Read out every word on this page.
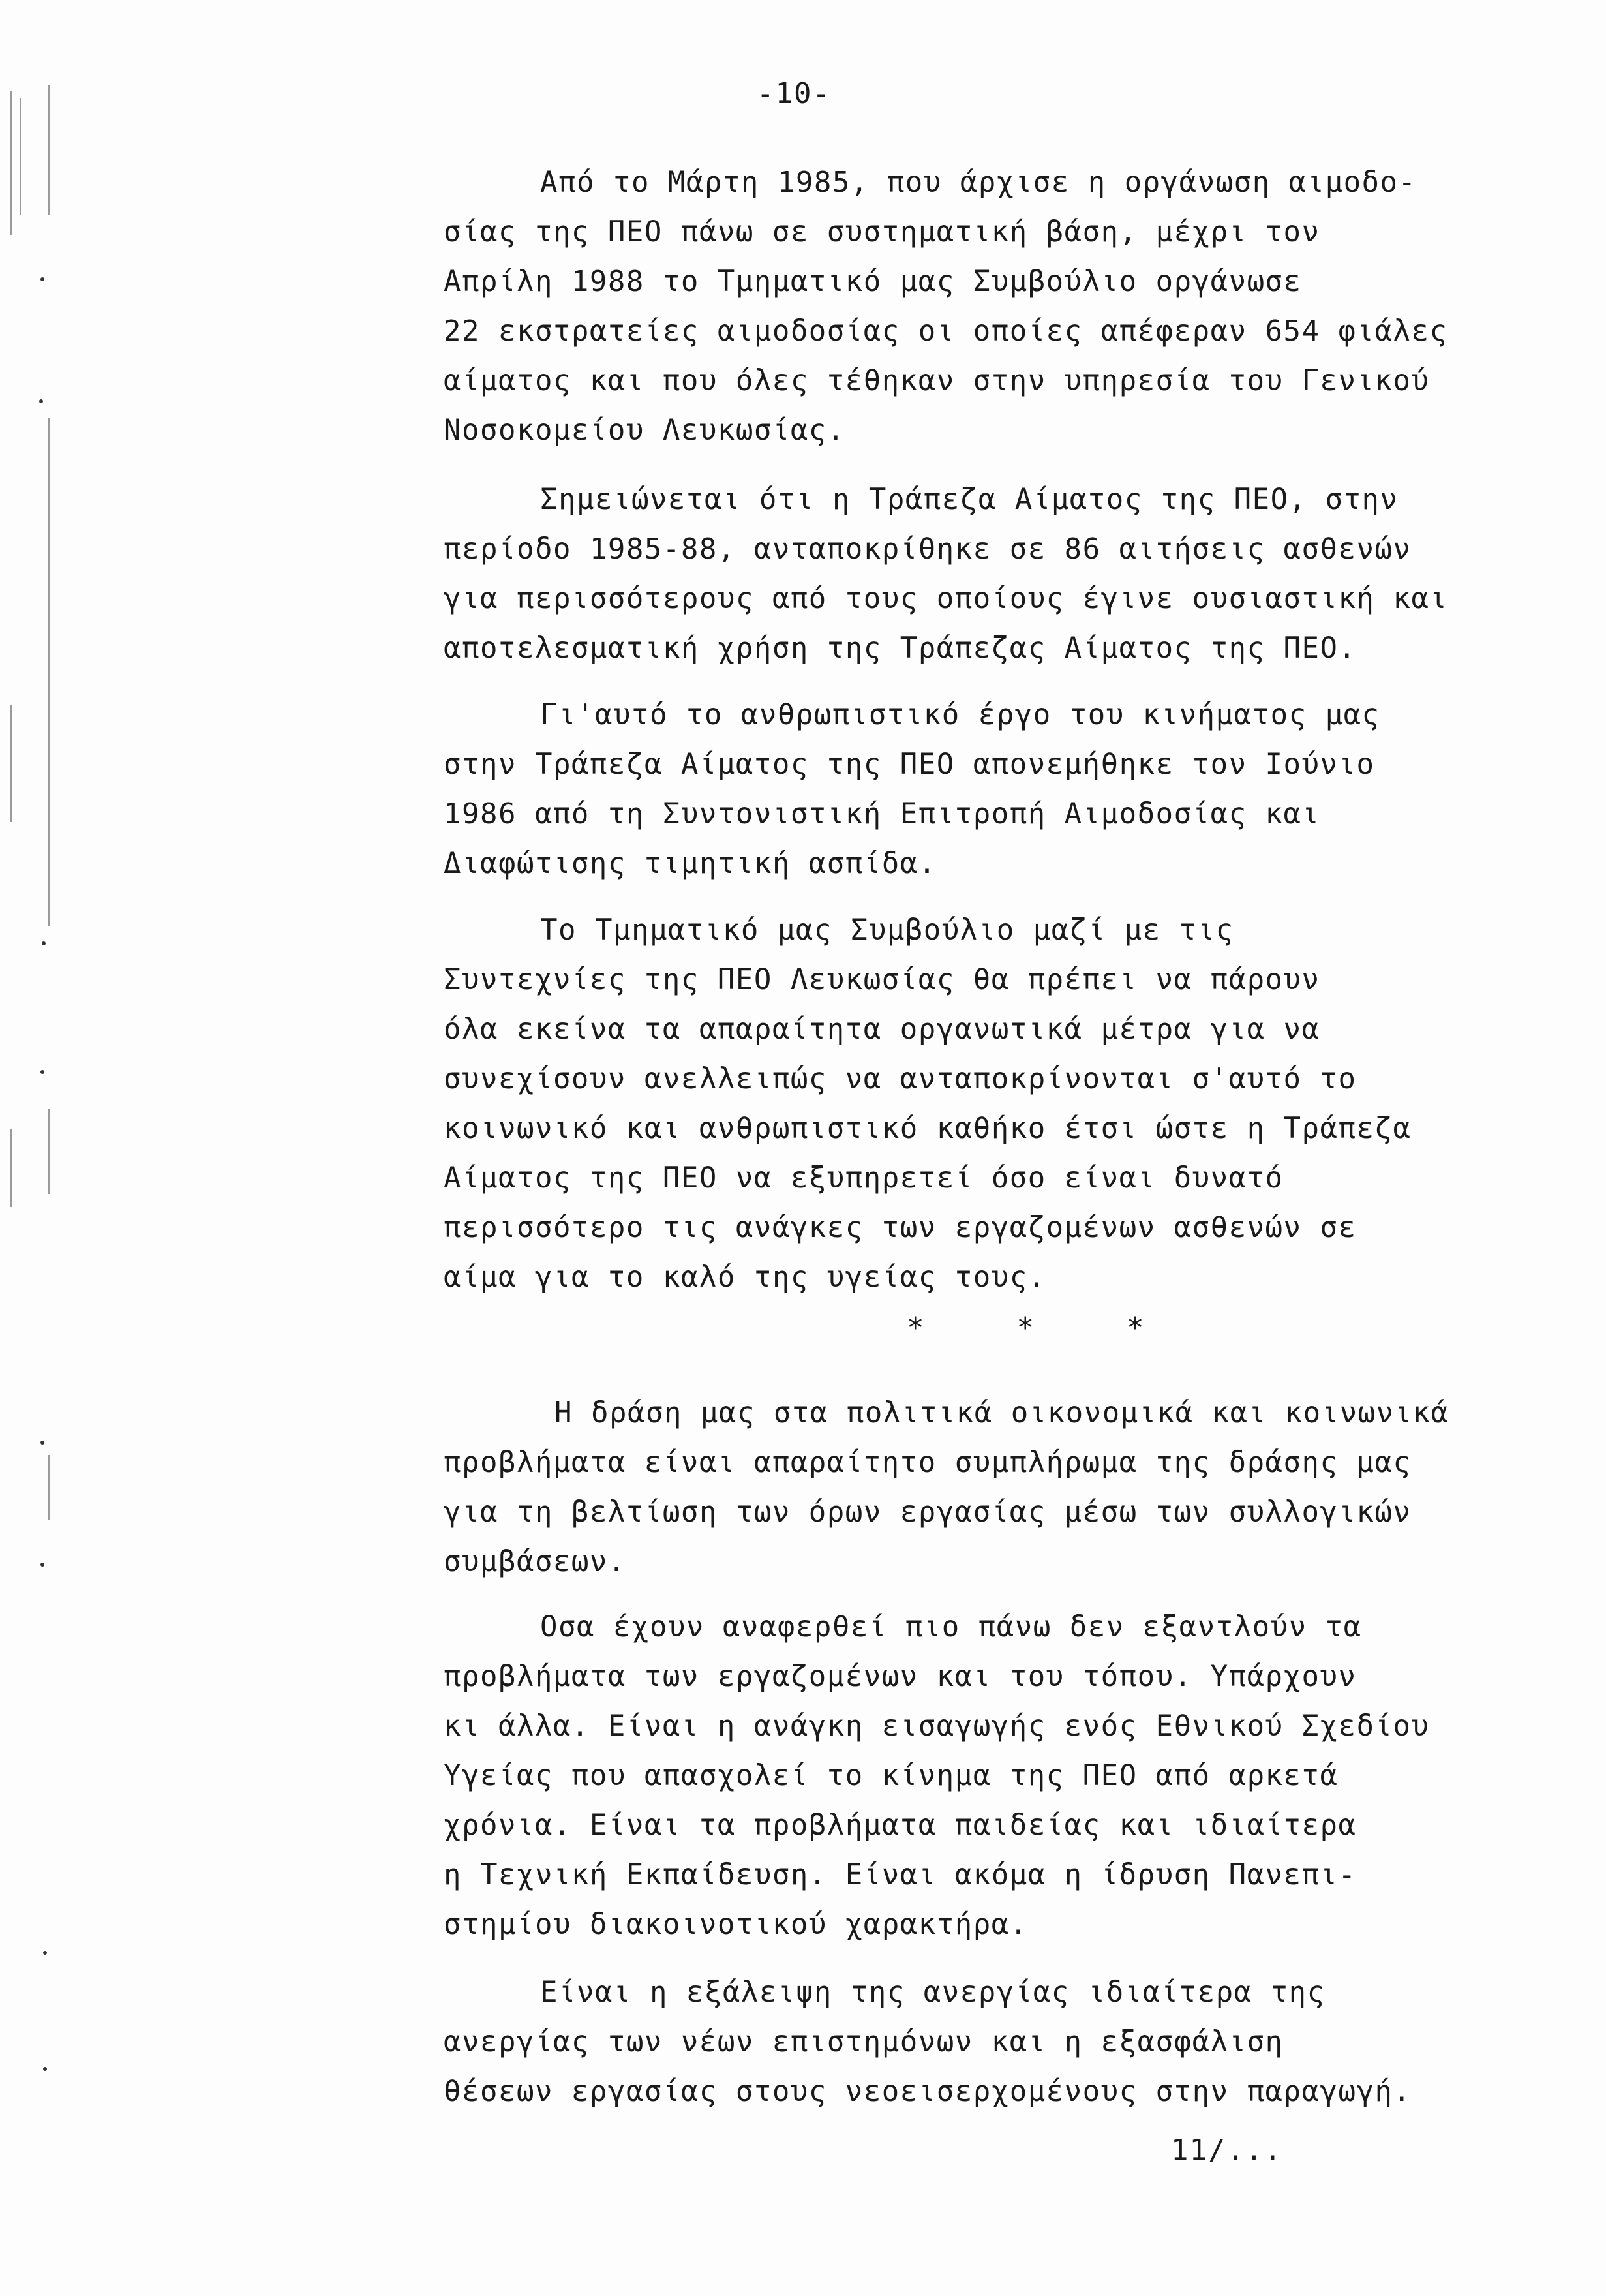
-10-
Από το Μάρτη 1985, που άρχισε η οργάνωση αιμοδο-
σίας της ΠΕΟ πάνω σε συστηματική βάση, μέχρι τον
Απρίλη 1988 το Τμηματικό μας Συμβούλιο οργάνωσε
22 εκστρατείες αιμοδοσίας οι οποίες απέφεραν 654 φιάλες
αίματος και που όλες τέθηκαν στην υπηρεσία του Γενικού
Νοσοκομείου Λευκωσίας.
Σημειώνεται ότι η Τράπεζα Αίματος της ΠΕΟ, στην
περίοδο 1985-88, ανταποκρίθηκε σε 86 αιτήσεις ασθενών
για περισσότερους από τους οποίους έγινε ουσιαστική και
αποτελεσματική χρήση της Τράπεζας Αίματος της ΠΕΟ.
Γι'αυτό το ανθρωπιστικό έργο του κινήματος μας
στην Τράπεζα Αίματος της ΠΕΟ απονεμήθηκε τον Ιούνιο
1986 από τη Συντονιστική Επιτροπή Αιμοδοσίας και
Διαφώτισης τιμητική ασπίδα.
Το Τμηματικό μας Συμβούλιο μαζί με τις
Συντεχνίες της ΠΕΟ Λευκωσίας θα πρέπει να πάρουν
όλα εκείνα τα απαραίτητα οργανωτικά μέτρα για να
συνεχίσουν ανελλειπώς να ανταποκρίνονται σ'αυτό το
κοινωνικό και ανθρωπιστικό καθήκο έτσι ώστε η Τράπεζα
Αίματος της ΠΕΟ να εξυπηρετεί όσο είναι δυνατό
περισσότερο τις ανάγκες των εργαζομένων ασθενών σε
αίμα για το καλό της υγείας τους.
*	*	*
Η δράση μας στα πολιτικά οικονομικά και κοινωνικά
προβλήματα είναι απαραίτητο συμπλήρωμα της δράσης μας
για τη βελτίωση των όρων εργασίας μέσω των συλλογικών
συμβάσεων.
Οσα έχουν αναφερθεί πιο πάνω δεν εξαντλούν τα
προβλήματα των εργαζομένων και του τόπου. Υπάρχουν
κι άλλα. Είναι η ανάγκη εισαγωγής ενός Εθνικού Σχεδίου
Υγείας που απασχολεί το κίνημα της ΠΕΟ από αρκετά
χρόνια. Είναι τα προβλήματα παιδείας και ιδιαίτερα
η Τεχνική Εκπαίδευση. Είναι ακόμα η ίδρυση Πανεπι-
στημίου διακοινοτικού χαρακτήρα.
Είναι η εξάλειψη της ανεργίας ιδιαίτερα της
ανεργίας των νέων επιστημόνων και η εξασφάλιση
θέσεων εργασίας στους νεοεισερχομένους στην παραγωγή.
11/...
